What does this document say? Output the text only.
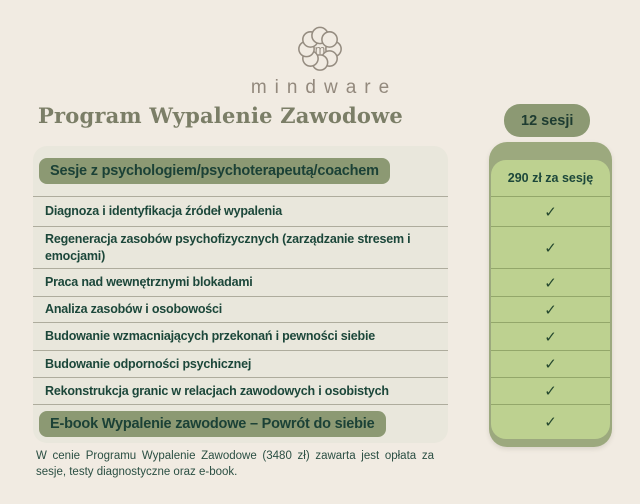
m
mindware
Program Wypalenie Zawodowe	12 sesji
Sesje z psychologiem/psychoterapeutą/coachem
Diagnoza i identyfikacja źródeł wypalenia
Regeneracja zasobów psychofizycznych (zarządzanie stresem i emocjami)
Praca nad wewnętrznymi blokadami
Analiza zasobów i osobowości
Budowanie wzmacniających przekonań i pewności siebie
Budowanie odporności psychicznej
Rekonstrukcja granic w relacjach zawodowych i osobistych
E-book Wypalenie zawodowe – Powrót do siebie
290 zł za sesję
✓
✓
✓
✓
✓
✓
✓
✓
W cenie Programu Wypalenie Zawodowe (3480 zł) zawarta jest opłata za sesje, testy diagnostyczne oraz e-book.
